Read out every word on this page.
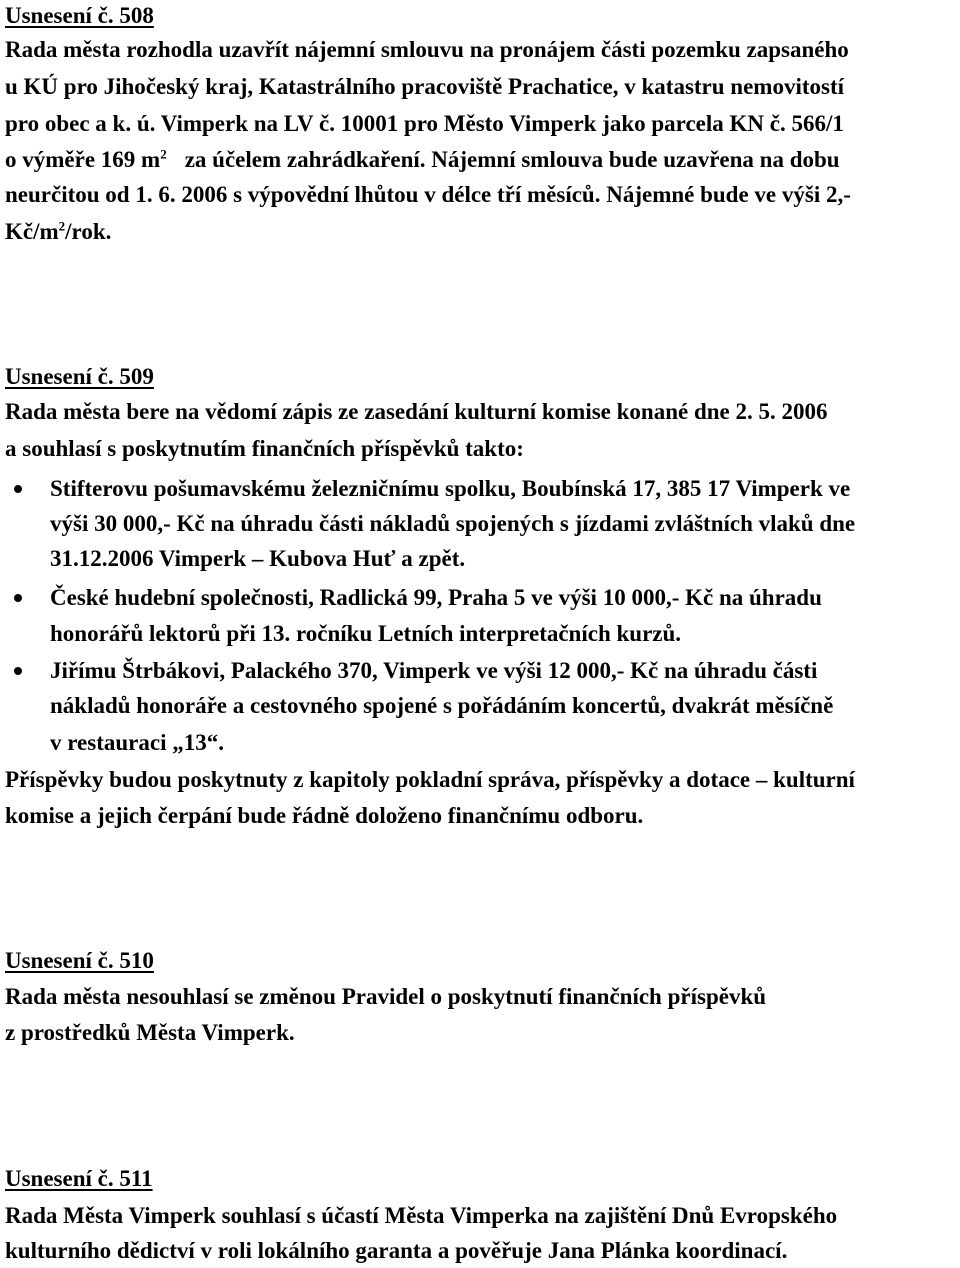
Usnesení č. 508
Rada města rozhodla uzavřít nájemní smlouvu na pronájem části pozemku zapsaného
u KÚ pro Jihočeský kraj, Katastrálního pracoviště Prachatice, v katastru nemovitostí
pro obec a k. ú. Vimperk na LV č. 10001 pro Město Vimperk jako parcela KN č. 566/1
o výměře 169 $m^2$ za účelem zahrádkaření. Nájemní smlouva bude uzavřena na dobu
neurčitou od 1. 6. 2006 s výpovědní lhůtou v délce tří měsíců. Nájemné bude ve výši 2,-
$Kč/m^2$/rok.
Usnesení č. 509
Rada města bere na vědomí zápis ze zasedání kulturní komise konané dne 2. 5. 2006
a souhlasí s poskytnutím finančních příspěvků takto:
Stifterovu pošumavskému železničnímu spolku, Boubínská 17, 385 17 Vimperk ve
výši 30 000,- Kč na úhradu části nákladů spojených s jízdami zvláštních vlaků dne
31.12.2006 Vimperk – Kubova Huť a zpět.
České hudební společnosti, Radlická 99, Praha 5 ve výši 10 000,- Kč na úhradu
honorářů lektorů při 13. ročníku Letních interpretačních kurzů.
Jiřímu Štrbákovi, Palackého 370, Vimperk ve výši 12 000,- Kč na úhradu části
nákladů honoráře a cestovného spojené s pořádáním koncertů, dvakrát měsíčně
v restauraci „13“.
Příspěvky budou poskytnuty z kapitoly pokladní správa, příspěvky a dotace – kulturní
komise a jejich čerpání bude řádně doloženo finančnímu odboru.
Usnesení č. 510
Rada města nesouhlasí se změnou Pravidel o poskytnutí finančních příspěvků
z prostředků Města Vimperk.
Usnesení č. 511
Rada Města Vimperk souhlasí s účastí Města Vimperka na zajištění Dnů Evropského
kulturního dědictví v roli lokálního garanta a pověřuje Jana Plánka koordinací.
